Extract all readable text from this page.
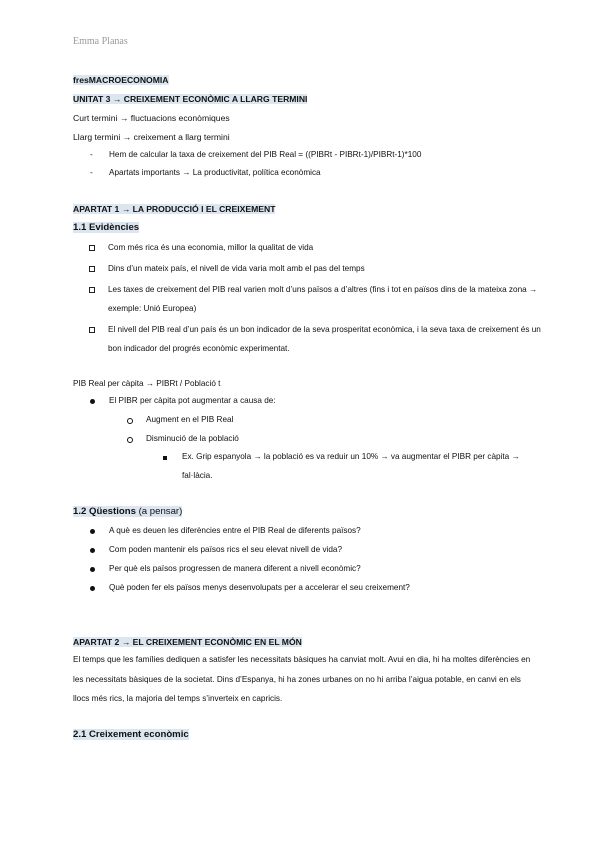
Emma Planas
fresMACROECONOMIA
UNITAT 3 → CREIXEMENT ECONÒMIC A LLARG TERMINI
Curt termini → fluctuacions econòmiques
Llarg termini → creixement a llarg termini
- Hem de calcular la taxa de creixement del PIB Real = ((PIBRt - PIBRt-1)/PIBRt-1)*100
- Apartats importants → La productivitat, política econòmica
APARTAT 1 → LA PRODUCCIÓ I EL CREIXEMENT
1.1 Evidències
Com més rica és una economia, millor la qualitat de vida
Dins d’un mateix país, el nivell de vida varia molt amb el pas del temps
Les taxes de creixement del PIB real varien molt d’uns països a d’altres (fins i tot en països dins de la mateixa zona → exemple: Unió Europea)
El nivell del PIB real d’un país és un bon indicador de la seva prosperitat econòmica, i la seva taxa de creixement és un bon indicador del progrés econòmic experimentat.
PIB Real per càpita → PIBRt / Població t
El PIBR per càpita pot augmentar a causa de:
Augment en el PIB Real
Disminució de la població
Ex. Grip espanyola → la població es va reduir un 10% → va augmentar el PIBR per càpita → fal·làcia.
1.2 Qüestions (a pensar)
A què es deuen les diferències entre el PIB Real de diferents països?
Com poden mantenir els països rics el seu elevat nivell de vida?
Per què els països progressen de manera diferent a nivell econòmic?
Què poden fer els països menys desenvolupats per a accelerar el seu creixement?
APARTAT 2 → EL CREIXEMENT ECONÒMIC EN EL MÓN
El temps que les famílies dediquen a satisfer les necessitats bàsiques ha canviat molt. Avui en dia, hi ha moltes diferències en les necessitats bàsiques de la societat. Dins d’Espanya, hi ha zones urbanes on no hi arriba l’aigua potable, en canvi en els llocs més rics, la majoria del temps s’inverteix en capricis.
2.1 Creixement econòmic
